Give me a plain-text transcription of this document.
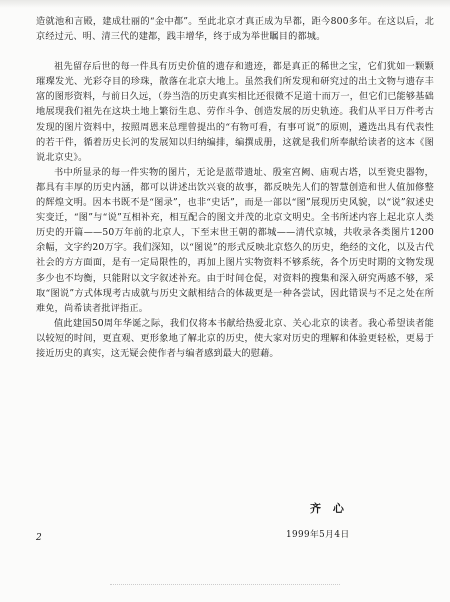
造就池和言殿，建成壮丽的“金中都”。至此北京才真正成为早都，距今800多年。在这以后，北京经过元、明、清三代的建都，践丰增华，终于成为举世瞩目的都城。

祖先留存后世的每一件具有历史价值的遗存和遗迹，都是真正的稀世之宝，它们犹如一颗颗璀璨发光、光彩夺目的珍珠，散落在北京大地上。虽然我们所发现和研究过的出土文物与遗存丰富的图形资料，与前日久远，（券当浩的历史真实相比还很微不足道十而万一，但它们已能够基础地展现我们祖先在这块土地上繁衍生息、劳作斗争、创造发展的历史轨迹。我们从平日万件考古发现的图片资料中，按照周恩来总理曾提出的“有物可看，有事可说”的原则，遴选出具有代表性的若干件，循着历史长河的发展知以归纳编排，编撰成册，这就是我们所奉献给读者的这本《图说北京史》。

书中所显录的每一件实物的图片，无论是蓝带遗址、殷室宫阙、庙观古塔，以至瓷史器物，都具有丰厚的历史内涵，都可以讲述出饮兴衰的故事，都反映先人们的智慧创造和世人值加修整的辉煌文明。因本书既不是“图录”，也非“史话”，而是一部以“图”展现历史风貌，以“说”叙述史实变迁，“图”与“说”互相补充，相互配合的图文并茂的北京文明史。全书所述内容上起北京人类历史的开篇——50万年前的北京人，下至末世王朝的都城——清代京城，共收录各类图片1200余幅，文字约20万字。我们深知，以“图说”的形式反映北京悠久的历史，绝经的文化，以及古代社会的方方面面，是有一定局限性的，再加上图片实物资料不够系统，各个历史时期的文物发现多少也不均衡，只能附以文字叙述补充。由于时间仓促，对资料的搜集和深入研究两感不够，采取“图说”方式体现考古成就与历史文献相结合的体裁更是一种各尝试，因此错误与不足之处在所难免，尚希读者批评指正。

值此建国50周年华诞之际，我们仅将本书献给热爱北京、关心北京的读者。我心希望读者能以较短的时间，更直观、更形象地了解北京的历史，使大家对历史的理解和体验更轻松，更易于接近历史的真实，这无疑会使作者与编者感到最大的慰藉。

齐 心
1999年5月4日
2
